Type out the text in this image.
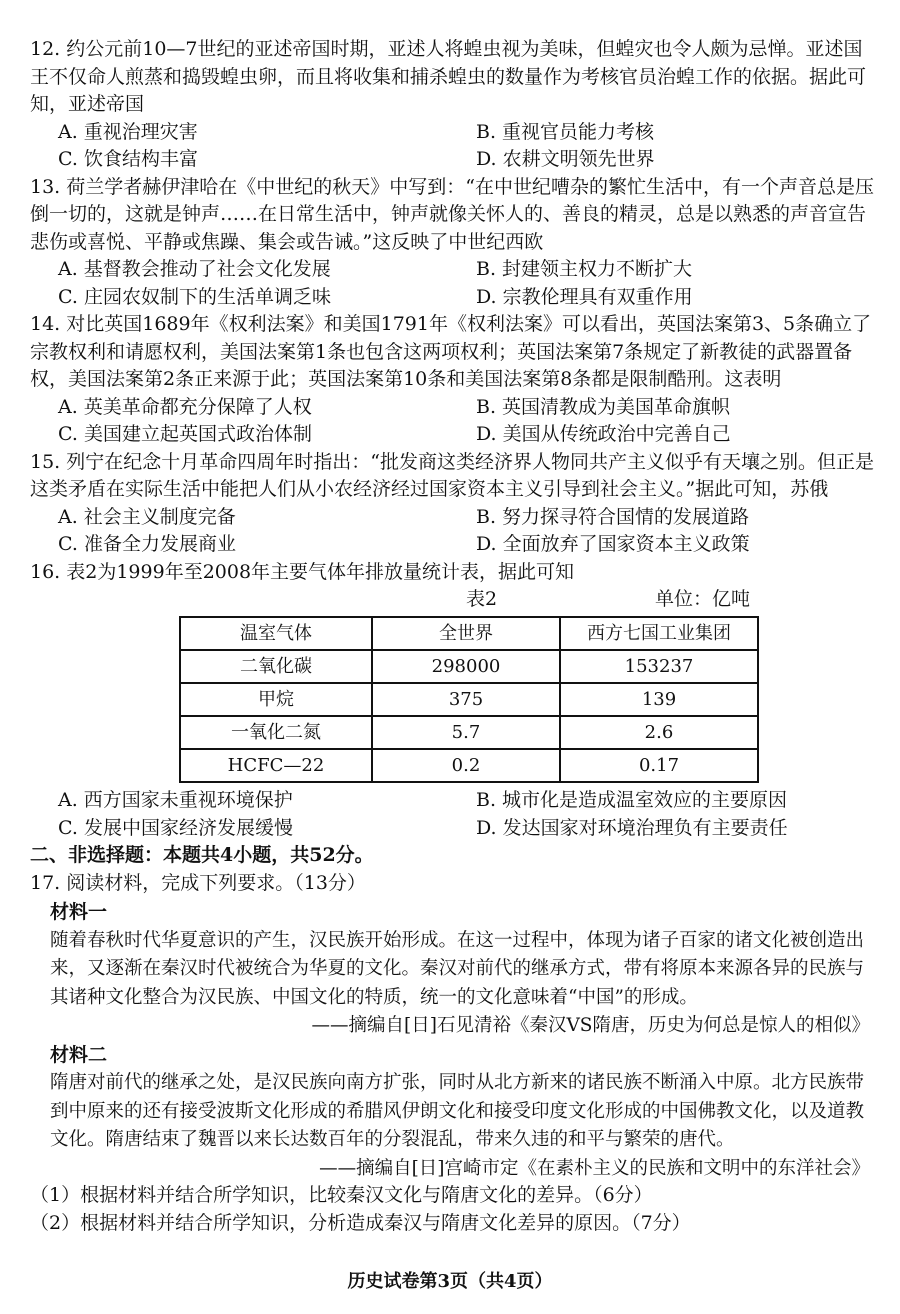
12. 约公元前10—7世纪的亚述帝国时期，亚述人将蝗虫视为美味，但蝗灾也令人颇为忌惮。亚述国王不仅命人煎蒸和捣毁蝗虫卵，而且将收集和捕杀蝗虫的数量作为考核官员治蝗工作的依据。据此可知，亚述帝国

A. 重视治理灾害	B. 重视官员能力考核
C. 饮食结构丰富	D. 农耕文明领先世界

13. 荷兰学者赫伊津哈在《中世纪的秋天》中写到：“在中世纪嘈杂的繁忙生活中，有一个声音总是压倒一切的，这就是钟声……在日常生活中，钟声就像关怀人的、善良的精灵，总是以熟悉的声音宣告悲伤或喜悦、平静或焦躁、集会或告诫。”这反映了中世纪西欧

A. 基督教会推动了社会文化发展	B. 封建领主权力不断扩大
C. 庄园农奴制下的生活单调乏味	D. 宗教伦理具有双重作用

14. 对比英国1689年《权利法案》和美国1791年《权利法案》可以看出，英国法案第3、5条确立了宗教权利和请愿权利，美国法案第1条也包含这两项权利；英国法案第7条规定了新教徒的武器置备权，美国法案第2条正来源于此；英国法案第10条和美国法案第8条都是限制酷刑。这表明

A. 英美革命都充分保障了人权	B. 英国清教成为美国革命旗帜
C. 美国建立起英国式政治体制	D. 美国从传统政治中完善自己

15. 列宁在纪念十月革命四周年时指出：“批发商这类经济界人物同共产主义似乎有天壤之别。但正是这类矛盾在实际生活中能把人们从小农经济经过国家资本主义引导到社会主义。”据此可知，苏俄

A. 社会主义制度完备	B. 努力探寻符合国情的发展道路
C. 准备全力发展商业	D. 全面放弃了国家资本主义政策

16. 表2为1999年至2008年主要气体年排放量统计表，据此可知

表2	单位：亿吨
温室气体	全世界	西方七国工业集团
二氧化碳	298000	153237
甲烷	375	139
一氧化二氮	5.7	2.6
HCFC—22	0.2	0.17
A. 西方国家未重视环境保护	B. 城市化是造成温室效应的主要原因
C. 发展中国家经济发展缓慢	D. 发达国家对环境治理负有主要责任
二、非选择题：本题共4小题，共52分。

17. 阅读材料，完成下列要求。（13分）

材料一

随着春秋时代华夏意识的产生，汉民族开始形成。在这一过程中，体现为诸子百家的诸文化被创造出来，又逐渐在秦汉时代被统合为华夏的文化。秦汉对前代的继承方式，带有将原本来源各异的民族与其诸种文化整合为汉民族、中国文化的特质，统一的文化意味着“中国”的形成。

——摘编自[日]石见清裕《秦汉VS隋唐，历史为何总是惊人的相似》
材料二

隋唐对前代的继承之处，是汉民族向南方扩张，同时从北方新来的诸民族不断涌入中原。北方民族带到中原来的还有接受波斯文化形成的希腊风伊朗文化和接受印度文化形成的中国佛教文化，以及道教文化。隋唐结束了魏晋以来长达数百年的分裂混乱，带来久违的和平与繁荣的唐代。

——摘编自[日]宫崎市定《在素朴主义的民族和文明中的东洋社会》
（1）根据材料并结合所学知识，比较秦汉文化与隋唐文化的差异。（6分）
（2）根据材料并结合所学知识，分析造成秦汉与隋唐文化差异的原因。（7分）
历史试卷第3页（共4页）
